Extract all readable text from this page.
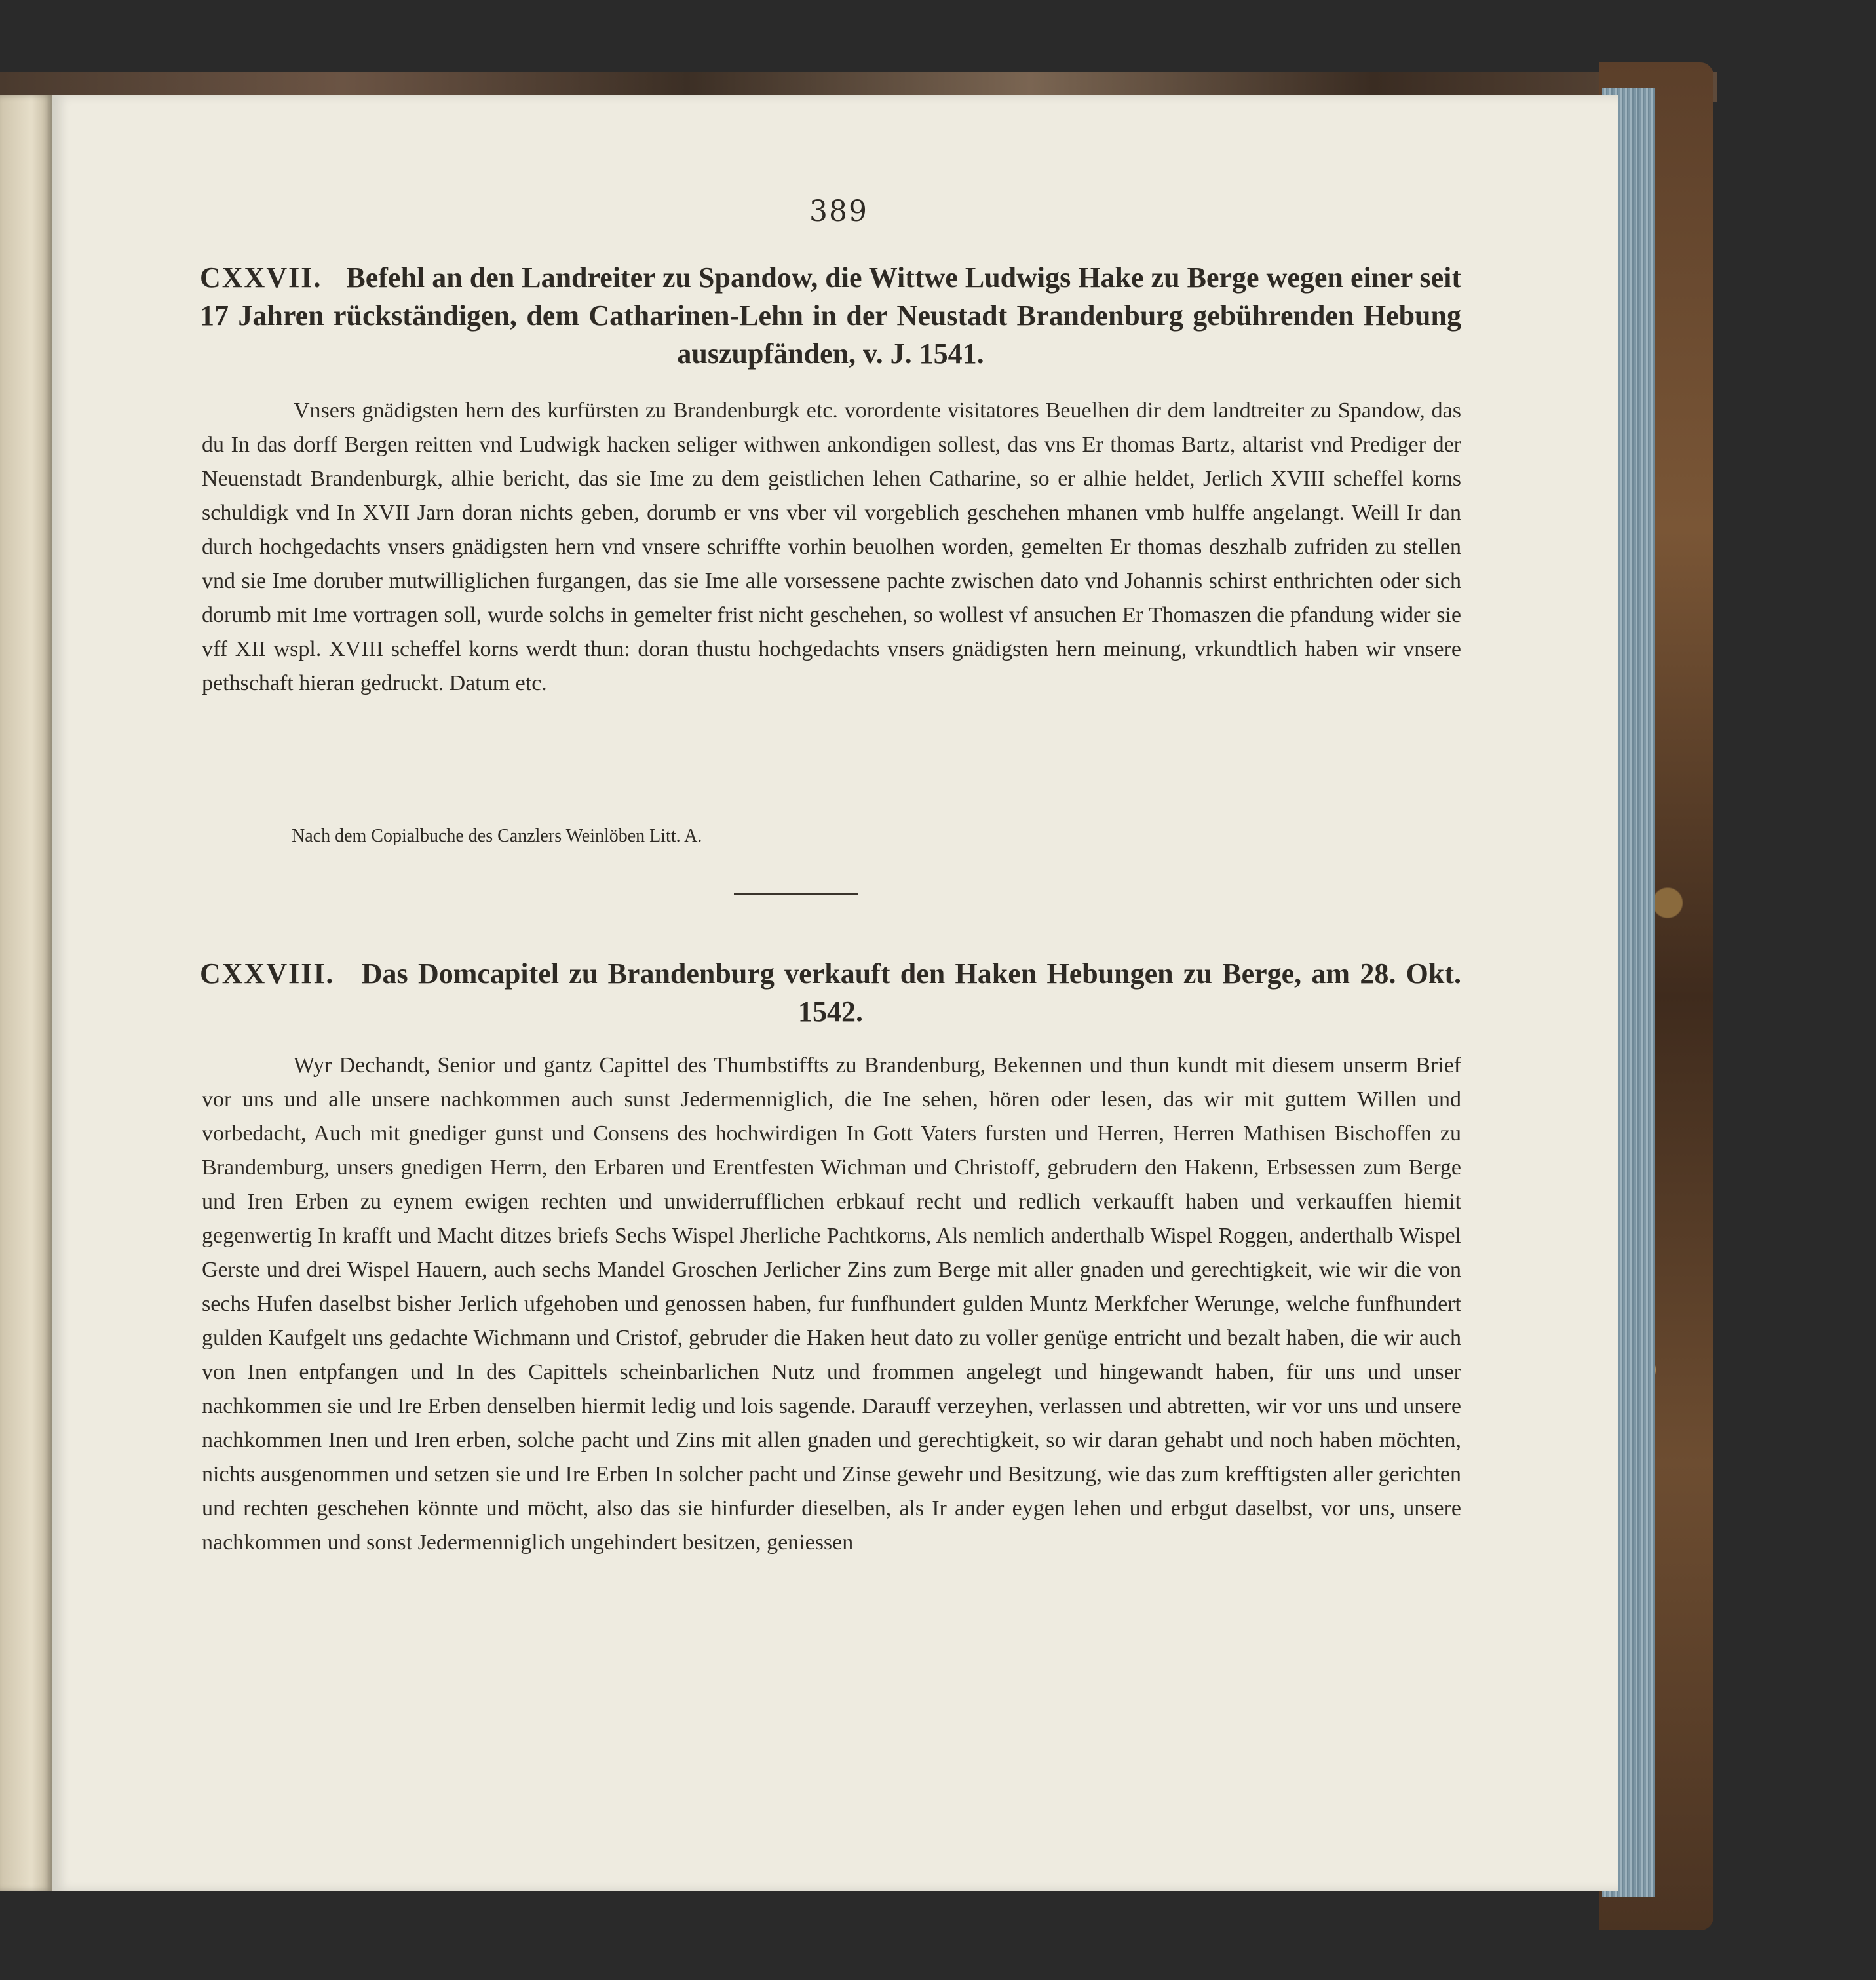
389
CXXVII. Befehl an den Landreiter zu Spandow, die Wittwe Ludwigs Hake zu Berge wegen einer seit 17 Jahren rückständigen, dem Catharinen-Lehn in der Neustadt Brandenburg gebührenden Hebung auszupfänden, v. J. 1541.
Vnsers gnädigsten hern des kurfürsten zu Brandenburgk etc. vorordente visitatores Beuelhen dir dem landtreiter zu Spandow, das du In das dorff Bergen reitten vnd Ludwigk hacken seliger withwen ankondigen sollest, das vns Er thomas Bartz, altarist vnd Prediger der Neuenstadt Brandenburgk, alhie bericht, das sie Ime zu dem geistlichen lehen Catharine, so er alhie heldet, Jerlich XVIII scheffel korns schuldigk vnd In XVII Jarn doran nichts geben, dorumb er vns vber vil vorgeblich geschehen mhanen vmb hulffe angelangt. Weill Ir dan durch hochgedachts vnsers gnädigsten hern vnd vnsere schriffte vorhin beuolhen worden, gemelten Er thomas deszhalb zufriden zu stellen vnd sie Ime doruber mutwilliglichen furgangen, das sie Ime alle vorsessene pachte zwischen dato vnd Johannis schirst enthrichten oder sich dorumb mit Ime vortragen soll, wurde solchs in gemelter frist nicht geschehen, so wollest vf ansuchen Er Thomaszen die pfandung wider sie vff XII wspl. XVIII scheffel korns werdt thun: doran thustu hochgedachts vnsers gnädigsten hern meinung, vrkundtlich haben wir vnsere pethschaft hieran gedruckt. Datum etc.
Nach dem Copialbuche des Canzlers Weinlöben Litt. A.
CXXVIII. Das Domcapitel zu Brandenburg verkauft den Haken Hebungen zu Berge, am 28. Okt. 1542.
Wyr Dechandt, Senior und gantz Capittel des Thumbstiffts zu Brandenburg, Bekennen und thun kundt mit diesem unserm Brief vor uns und alle unsere nachkommen auch sunst Jedermenniglich, die Ine sehen, hören oder lesen, das wir mit guttem Willen und vorbedacht, Auch mit gnediger gunst und Consens des hochwirdigen In Gott Vaters fursten und Herren, Herren Mathisen Bischoffen zu Brandemburg, unsers gnedigen Herrn, den Erbaren und Erentfesten Wichman und Christoff, gebrudern den Hakenn, Erbsessen zum Berge und Iren Erben zu eynem ewigen rechten und unwiderrufflichen erbkauf recht und redlich verkaufft haben und verkauffen hiemit gegenwertig In krafft und Macht ditzes briefs Sechs Wispel Jherliche Pachtkorns, Als nemlich anderthalb Wispel Roggen, anderthalb Wispel Gerste und drei Wispel Hauern, auch sechs Mandel Groschen Jerlicher Zins zum Berge mit aller gnaden und gerechtigkeit, wie wir die von sechs Hufen daselbst bisher Jerlich ufgehoben und genossen haben, fur funfhundert gulden Muntz Merkfcher Werunge, welche funfhundert gulden Kaufgelt uns gedachte Wichmann und Cristof, gebruder die Haken heut dato zu voller genüge entricht und bezalt haben, die wir auch von Inen entpfangen und In des Capittels scheinbarlichen Nutz und frommen angelegt und hingewandt haben, für uns und unser nachkommen sie und Ire Erben denselben hiermit ledig und lois sagende. Darauff verzeyhen, verlassen und abtretten, wir vor uns und unsere nachkommen Inen und Iren erben, solche pacht und Zins mit allen gnaden und gerechtigkeit, so wir daran gehabt und noch haben möchten, nichts ausgenommen und setzen sie und Ire Erben In solcher pacht und Zinse gewehr und Besitzung, wie das zum krefftigsten aller gerichten und rechten geschehen könnte und möcht, also das sie hinfurder dieselben, als Ir ander eygen lehen und erbgut daselbst, vor uns, unsere nachkommen und sonst Jedermenniglich ungehindert besitzen, geniessen
